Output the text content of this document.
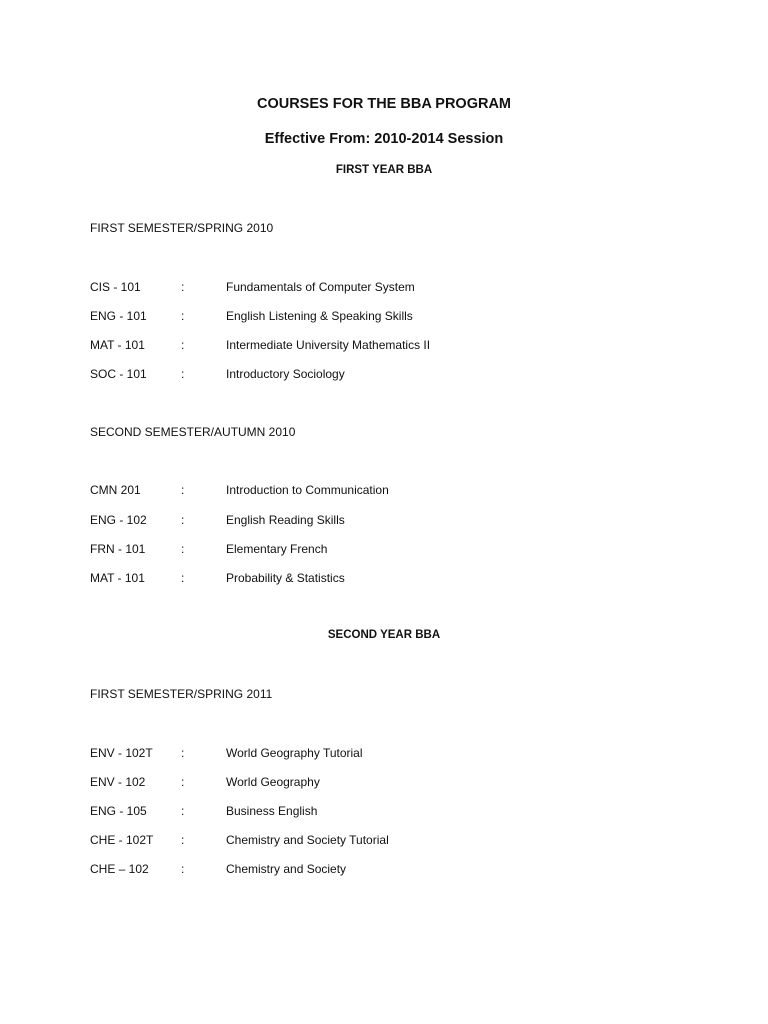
COURSES FOR THE BBA PROGRAM
Effective From: 2010-2014 Session
FIRST YEAR BBA
FIRST SEMESTER/SPRING 2010
CIS - 101	:	Fundamentals of Computer System
ENG - 101	:	English Listening & Speaking Skills
MAT - 101	:	Intermediate University Mathematics II
SOC - 101	:	Introductory Sociology
SECOND SEMESTER/AUTUMN 2010
CMN 201	:	Introduction to Communication
ENG - 102	:	English Reading Skills
FRN - 101	:	Elementary French
MAT - 101	:	Probability & Statistics
SECOND YEAR BBA
FIRST SEMESTER/SPRING 2011
ENV - 102T :	World Geography Tutorial
ENV - 102	:	World Geography
ENG - 105	:	Business English
CHE - 102T :	Chemistry and Society Tutorial
CHE – 102	:	Chemistry and Society
